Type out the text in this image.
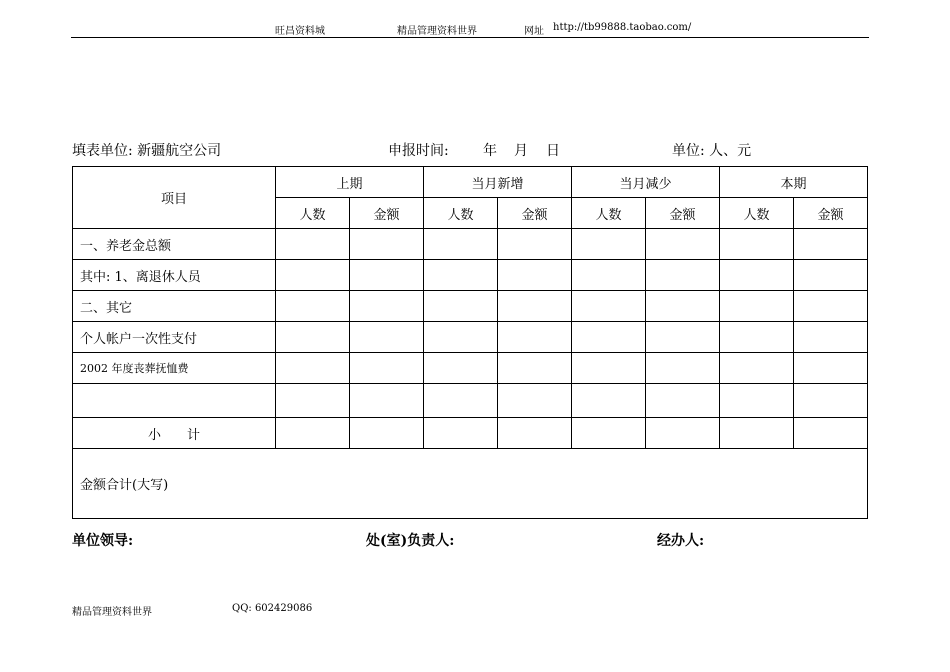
旺昌资料城	精品管理资料世界	网址 http://tb99888.taobao.com/
填表单位: 新疆航空公司	申报时间: 年 月 日	单位: 人、元
项目	上期		当月新增		当月减少		本期	
	人数	金额	人数	金额	人数	金额	人数	金额
一、养老金总额								
其中: 1、离退休人员								
二、其它								
个人帐户一次性支付								
2002 年度丧葬抚恤费								

小　　计								
金额合计(大写)								
单位领导:	处(室)负责人:	经办人:
精品管理资料世界	QQ: 602429086
